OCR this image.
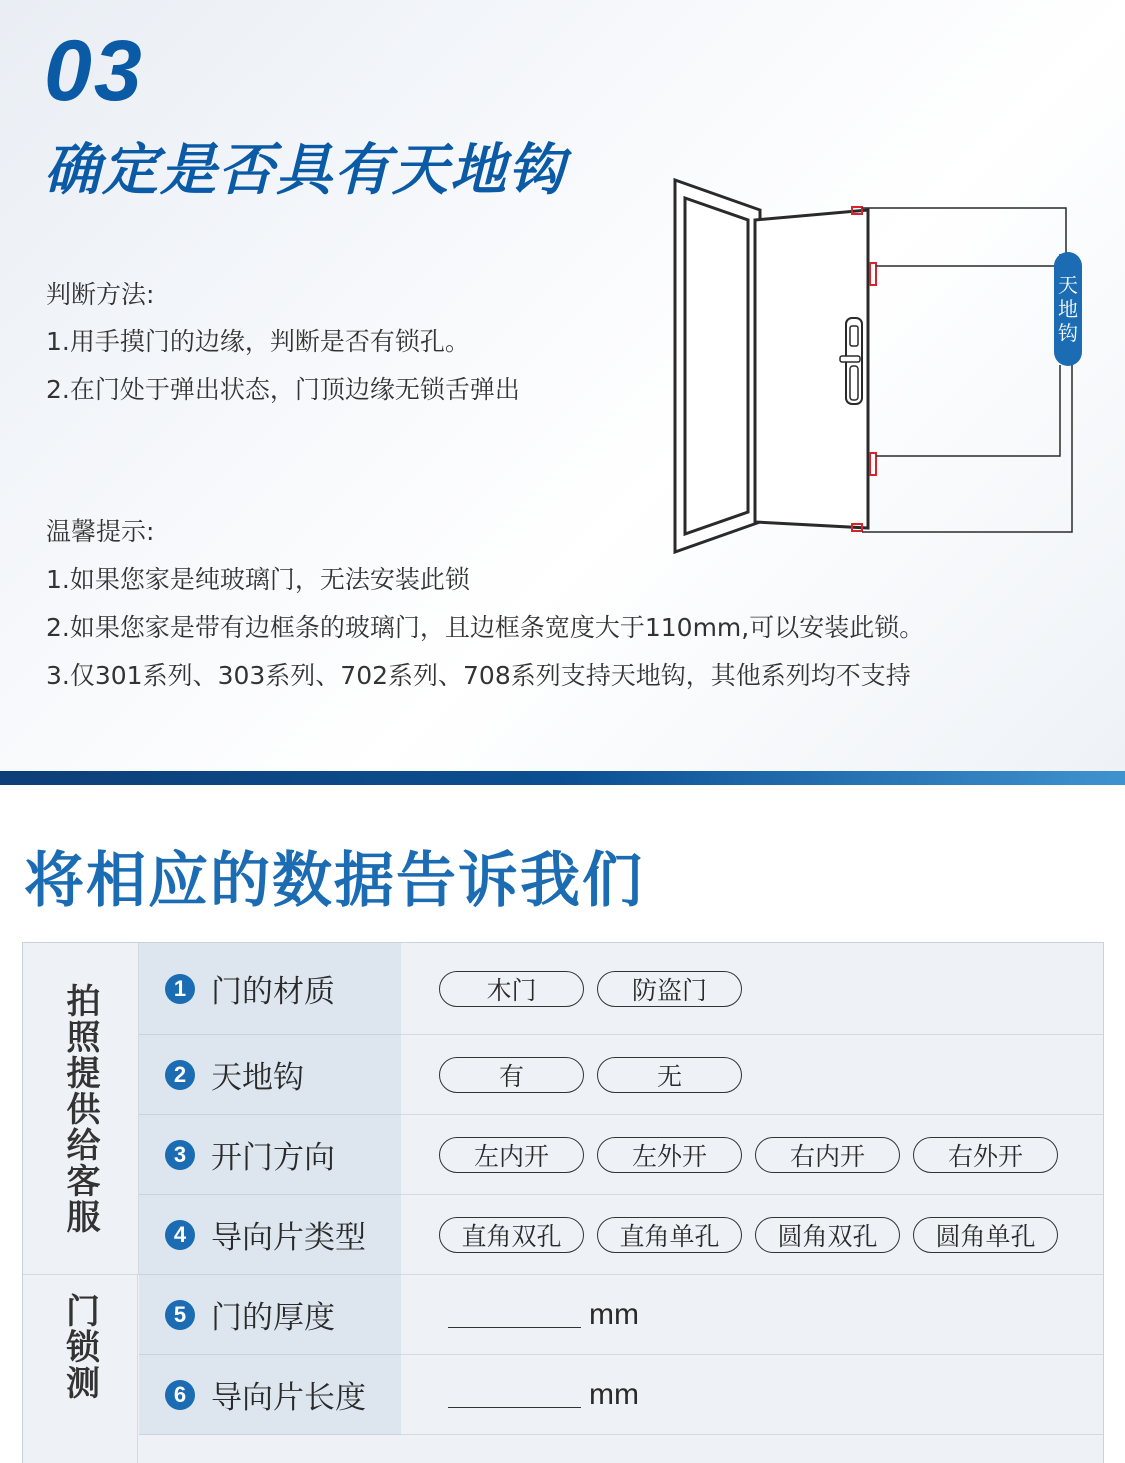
03
确定是否具有天地钩
判断方法:
1.用手摸门的边缘，判断是否有锁孔。
2.在门处于弹出状态，门顶边缘无锁舌弹出
温馨提示:
1.如果您家是纯玻璃门，无法安装此锁
2.如果您家是带有边框条的玻璃门，且边框条宽度大于110mm,可以安装此锁。
3.仅301系列、303系列、702系列、708系列支持天地钩，其他系列均不支持
天
地
钩
将相应的数据告诉我们
拍照提供给客服
门锁测
1 门的材质	木门	防盗门
2 天地钩	有	无
3 开门方向	左内开	左外开	右内开	右外开
4 导向片类型	直角双孔	直角单孔	圆角双孔	圆角单孔
5 门的厚度	mm
6 导向片长度	mm
